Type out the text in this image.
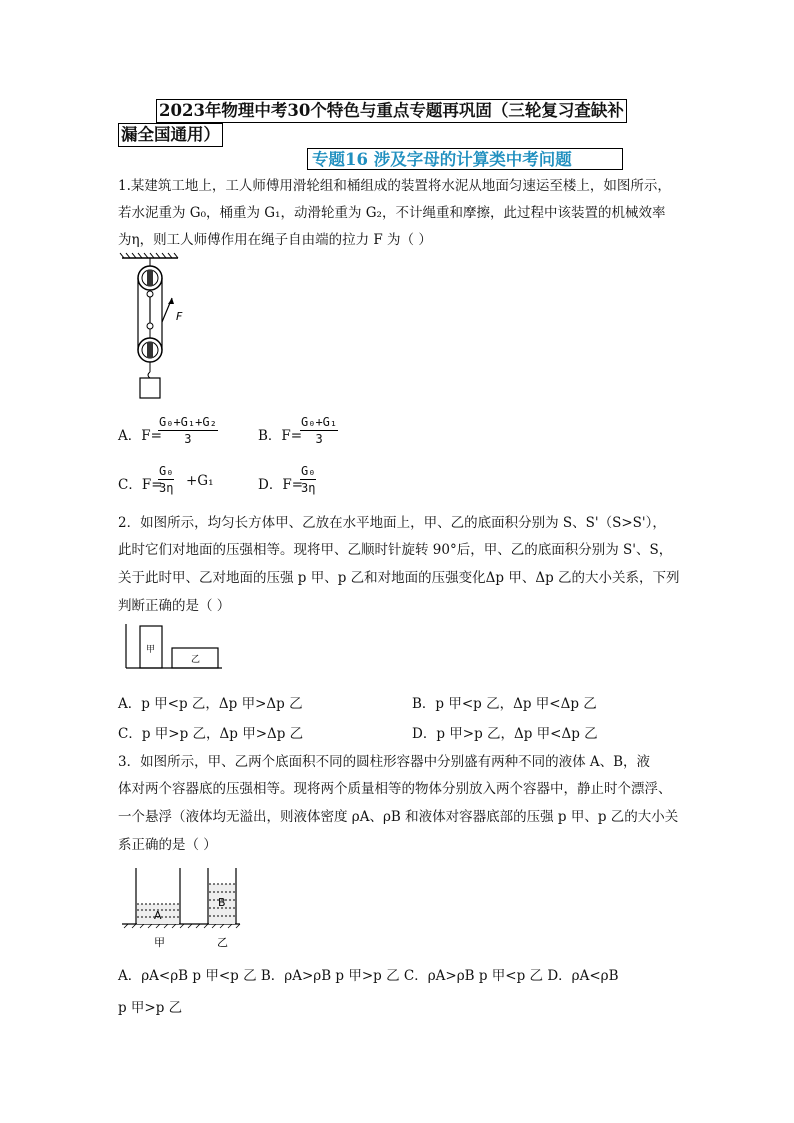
2023年物理中考30个特色与重点专题再巩固（三轮复习查缺补
漏全国通用）
专题16 涉及字母的计算类中考问题
1.某建筑工地上，工人师傅用滑轮组和桶组成的装置将水泥从地面匀速运至楼上，如图所示，
若水泥重为 G₀，桶重为 G₁，动滑轮重为 G₂，不计绳重和摩擦，此过程中该装置的机械效率
为η，则工人师傅作用在绳子自由端的拉力 F 为（ ）
F
A．F=
$\frac{\text{G₀+G₁+G₂}}{3}$	B．F=
$\frac{\text{G₀+G₁}}{3}$
C．F=
$\frac{\text{G₀}}{3\eta} +G_1$	D．F=
$\frac{\text{G₀}}{3\eta}$
2．如图所示，均匀长方体甲、乙放在水平地面上，甲、乙的底面积分别为 S、S'（S>S'），
此时它们对地面的压强相等。现将甲、乙顺时针旋转 90°后，甲、乙的底面积分别为 S'、S，
关于此时甲、乙对地面的压强 p 甲、p 乙和对地面的压强变化Δp 甲、Δp 乙的大小关系，下列
判断正确的是（ ）
甲
乙
A．p 甲<p 乙，Δp 甲>Δp 乙	B．p 甲<p 乙，Δp 甲<Δp 乙
C．p 甲>p 乙，Δp 甲>Δp 乙	D．p 甲>p 乙，Δp 甲<Δp 乙
3．如图所示，甲、乙两个底面积不同的圆柱形容器中分别盛有两种不同的液体 A、B，液
体对两个容器底的压强相等。现将两个质量相等的物体分别放入两个容器中，静止时个漂浮、
一个悬浮（液体均无溢出，则液体密度 ρA、ρB 和液体对容器底部的压强 p 甲、p 乙的大小关
系正确的是（ ）
A
B
甲	乙
A．ρA<ρB p 甲<p 乙 B．ρA>ρB p 甲>p 乙 C．ρA>ρB p 甲<p 乙 D．ρA<ρB
p 甲>p 乙
